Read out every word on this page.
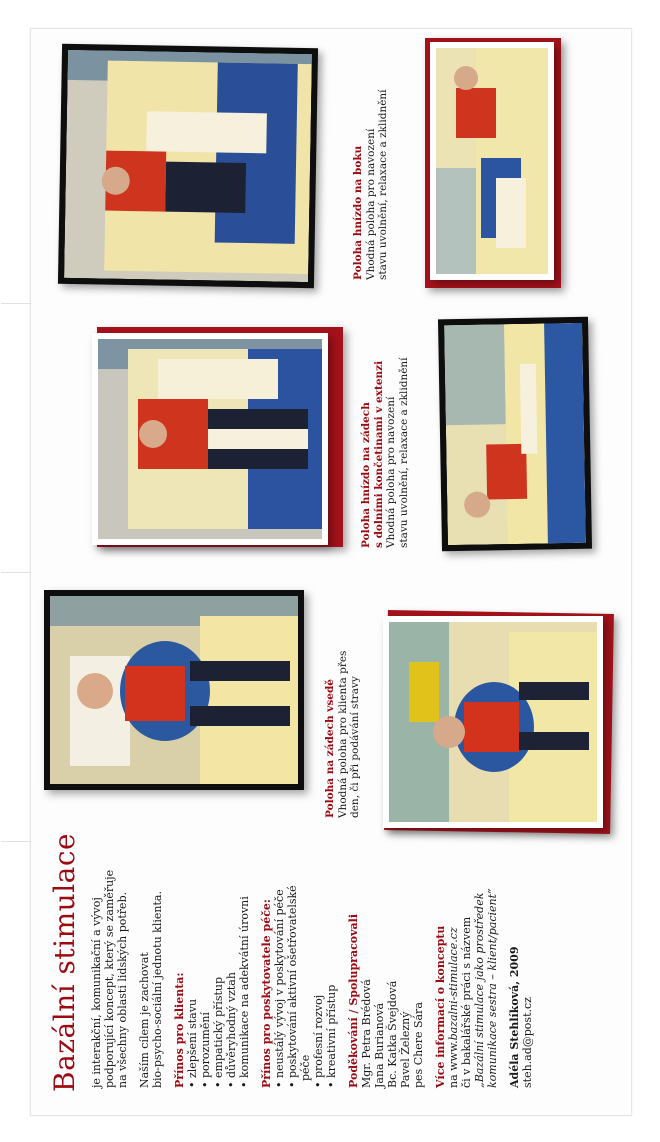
Bazální stimulace je interakční, komunikační a vývoj podporující koncept, který se zaměřuje na všechny oblasti lidských potřeb. Naším cílem je zachovat bio-psycho-sociální jednotu klienta. Přínos pro klienta: • zlepšení stavu • porozumění • empatický přístup • důvěryhodný vztah • komunikace na adekvátní úrovni Přínos pro poskytovatele péče: • neustálý vývoj v poskytování péče • poskytování aktivní ošetřovatelské péče • profesní rozvoj • kreativní přístup Poděkování / Spolupracovali Mgr. Petra Brédová Jana Burianová Bc. Katka Švejdová Pavel Železný pes Chere Sára Více informací o konceptu na www.bazalni-stimulace.cz či v bakalářské práci s názvem „Bazální stimulace jako prostředek komunikace sestra – klient/pacient“ Adéla Stehlíková, 2009 steh.ad@post.cz
Poloha na zádech vsedě Vhodná poloha pro klienta přes den, či při podávání stravy
Poloha hnízdo na zádech s dolními končetinami v extenzi Vhodná poloha pro navození stavu uvolnění, relaxace a zklidnění
Poloha hnízdo na boku Vhodná poloha pro navození stavu uvolnění, relaxace a zklidnění
